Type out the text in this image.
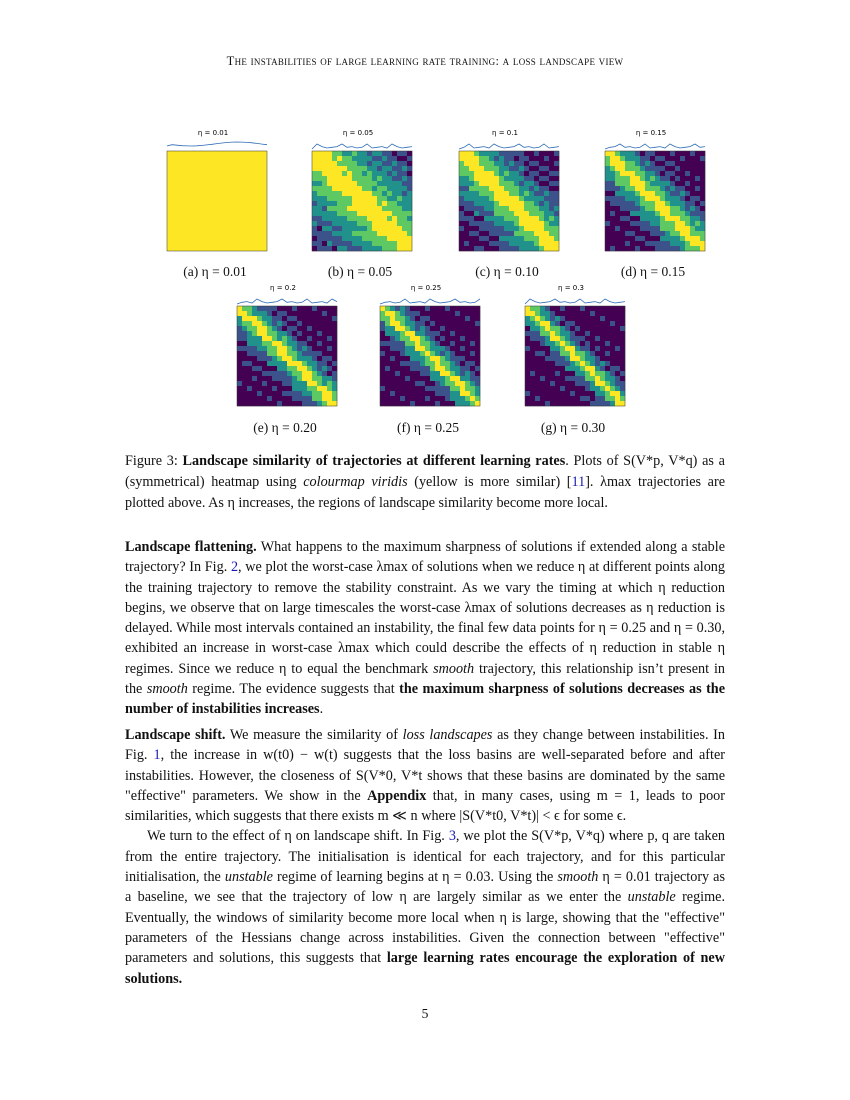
The instabilities of large learning rate training: a loss landscape view
η = 0.01
(a) η = 0.01
η = 0.05
(b) η = 0.05
η = 0.1
(c) η = 0.10
η = 0.15
(d) η = 0.15
η = 0.2
(e) η = 0.20
η = 0.25
(f) η = 0.25
η = 0.3
(g) η = 0.30
Figure 3: Landscape similarity of trajectories at different learning rates. Plots of S(V*p, V*q) as a (symmetrical) heatmap using colourmap viridis (yellow is more similar) [11]. λmax trajectories are plotted above. As η increases, the regions of landscape similarity become more local.

Landscape flattening. What happens to the maximum sharpness of solutions if extended along a stable trajectory? In Fig. 2, we plot the worst-case λmax of solutions when we reduce η at different points along the training trajectory to remove the stability constraint. As we vary the timing at which η reduction begins, we observe that on large timescales the worst-case λmax of solutions decreases as η reduction is delayed. While most intervals contained an instability, the final few data points for η = 0.25 and η = 0.30, exhibited an increase in worst-case λmax which could describe the effects of η reduction in stable η regimes. Since we reduce η to equal the benchmark smooth trajectory, this relationship isn’t present in the smooth regime. The evidence suggests that the maximum sharpness of solutions decreases as the number of instabilities increases.

Landscape shift. We measure the similarity of loss landscapes as they change between instabilities. In Fig. 1, the increase in w(t0) − w(t) suggests that the loss basins are well-separated before and after instabilities. However, the closeness of S(V*0, V*t shows that these basins are dominated by the same "effective" parameters. We show in the Appendix that, in many cases, using m = 1, leads to poor similarities, which suggests that there exists m ≪ n where |S(V*t0, V*t)| < ϵ for some ϵ.

We turn to the effect of η on landscape shift. In Fig. 3, we plot the S(V*p, V*q) where p, q are taken from the entire trajectory. The initialisation is identical for each trajectory, and for this particular initialisation, the unstable regime of learning begins at η = 0.03. Using the smooth η = 0.01 trajectory as a baseline, we see that the trajectory of low η are largely similar as we enter the unstable regime. Eventually, the windows of similarity become more local when η is large, showing that the "effective" parameters of the Hessians change across instabilities. Given the connection between "effective" parameters and solutions, this suggests that large learning rates encourage the exploration of new solutions.

5
